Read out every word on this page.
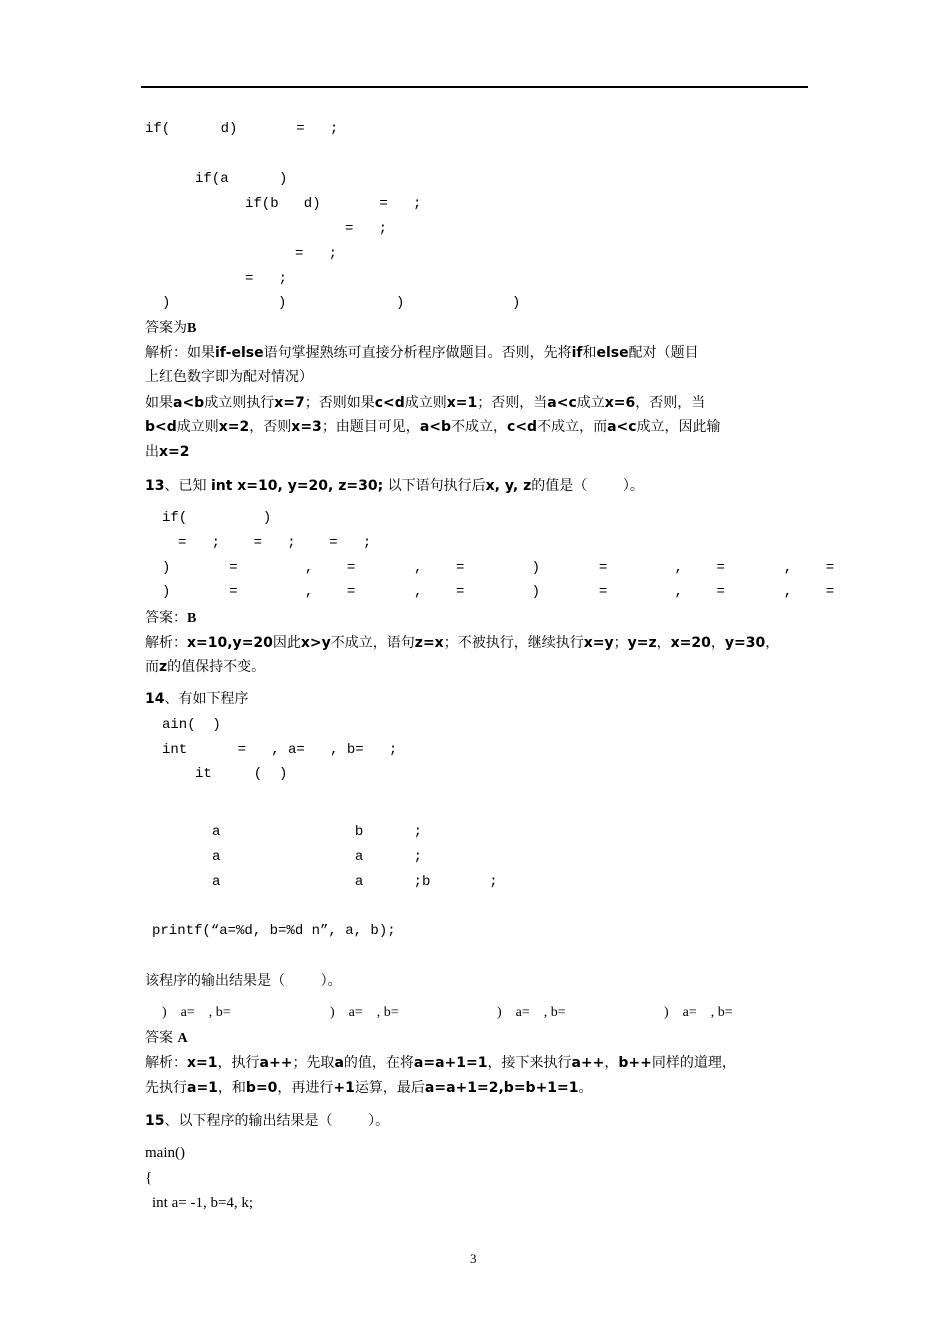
if(      d)       =   ;
if(a      )
if(b   d)       =   ;
=   ;
=   ;
=   ;
)	)	)	)
答案为B
解析：如果if-else语句掌握熟练可直接分析程序做题目。否则，先将if和else配对（题目
上红色数字即为配对情况）
如果a<b成立则执行x=7；否则如果c<d成立则x=1；否则，当a<c成立x=6，否则，当
b<d成立则x=2，否则x=3；由题目可见，a<b不成立，c<d不成立，而a<c成立，因此输
出x=2
13、已知 int x=10, y=20, z=30; 以下语句执行后x, y, z的值是（        ）。
if(         )
=   ;    =   ;    =   ;
)       =        ,    =       ,    =        )       =        ,    =       ,    =
)       =        ,    =       ,    =        )       =        ,    =       ,    =
答案：B
解析：x=10,y=20因此x>y不成立，语句z=x；不被执行，继续执行x=y；y=z，x=20，y=30，
而z的值保持不变。
14、有如下程序
ain(  )
int      =   , a=   , b=   ;
it     (  )
a                b      ;
a                a      ;
a                a      ;b       ;
printf(“a=%d, b=%d n”, a, b);
该程序的输出结果是（        ）。
)    a=    , b=	)    a=    , b=	)    a=    , b=	)    a=    , b=
答案 A
解析：x=1，执行a++；先取a的值，在将a=a+1=1，接下来执行a++，b++同样的道理，
先执行a=1，和b=0，再进行+1运算，最后a=a+1=2,b=b+1=1。
15、以下程序的输出结果是（        ）。
main()
{
int a= -1, b=4, k;
3
